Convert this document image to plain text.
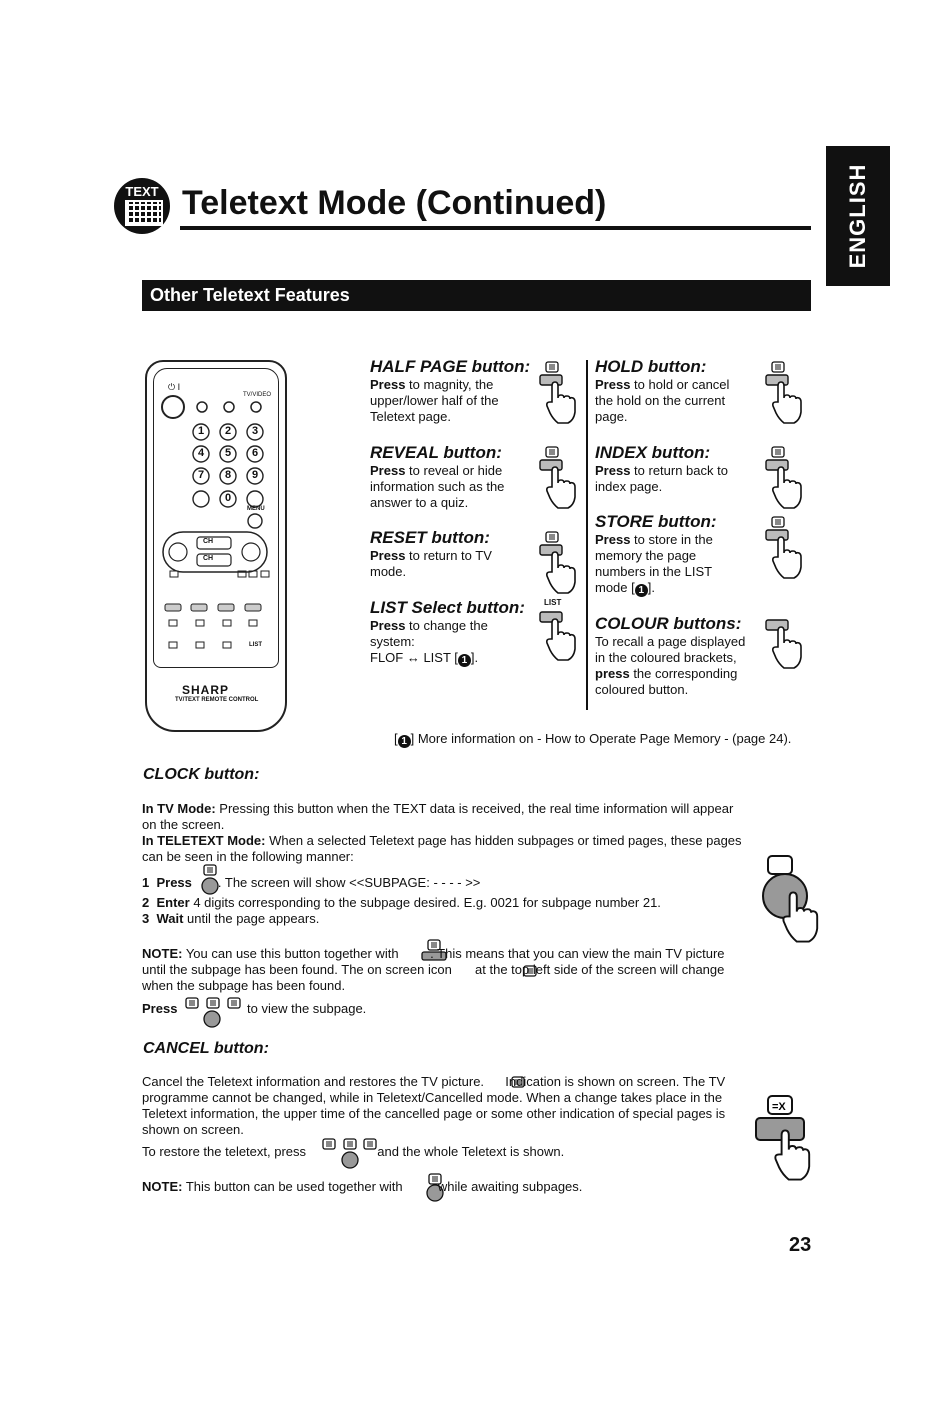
ENGLISH
TEXT Teletext Mode (Continued)
Other Teletext Features
⏻ I
TV/VIDEO
1	2	3
4	5	6
7	8	9
0
MENU
CH
CH
LIST
SHARP
TV/TEXT REMOTE CONTROL
HALF PAGE button:
Press to magnity, the upper/lower half of the Teletext page.
REVEAL button:
Press to reveal or hide information such as the answer to a quiz.
RESET button:
Press to return to TV mode.
LIST Select button:
Press to change the system:
FLOF ↔ LIST [ 1 ].
LIST
HOLD button:
Press to hold or cancel the hold on the current page.
INDEX button:
Press to return back to index page.
STORE button:
Press to store in the memory the page numbers in the LIST mode [ 1 ].
COLOUR buttons:
To recall a page displayed in the coloured brackets, press the corresponding coloured button.
=X
[ 1 ] More information on - How to Operate Page Memory - (page 24).
CLOCK button:
In TV Mode: Pressing this button when the TEXT data is received, the real time information will appear on the screen.
In TELETEXT Mode: When a selected Teletext page has hidden subpages or timed pages, these pages can be seen in the following manner:
1 Press . The screen will show <<SUBPAGE: - - - - >>
2 Enter 4 digits corresponding to the subpage desired. E.g. 0021 for subpage number 21.
3 Wait until the page appears.
NOTE: You can use this button together with . This means that you can view the main TV picture until the subpage has been found. The on screen icon  at the top left side of the screen will change when the subpage has been found.
Press	to view the subpage.
CANCEL button:
Cancel the Teletext information and restores the TV picture.  Indication is shown on screen. The TV programme cannot be changed, while in Teletext/Cancelled mode. When a change takes place in the Teletext information, the upper time of the cancelled page or some other indication of special pages is shown on screen.
To restore the teletext, press	and the whole Teletext is shown.
NOTE: This button can be used together with  while awaiting subpages.
23
